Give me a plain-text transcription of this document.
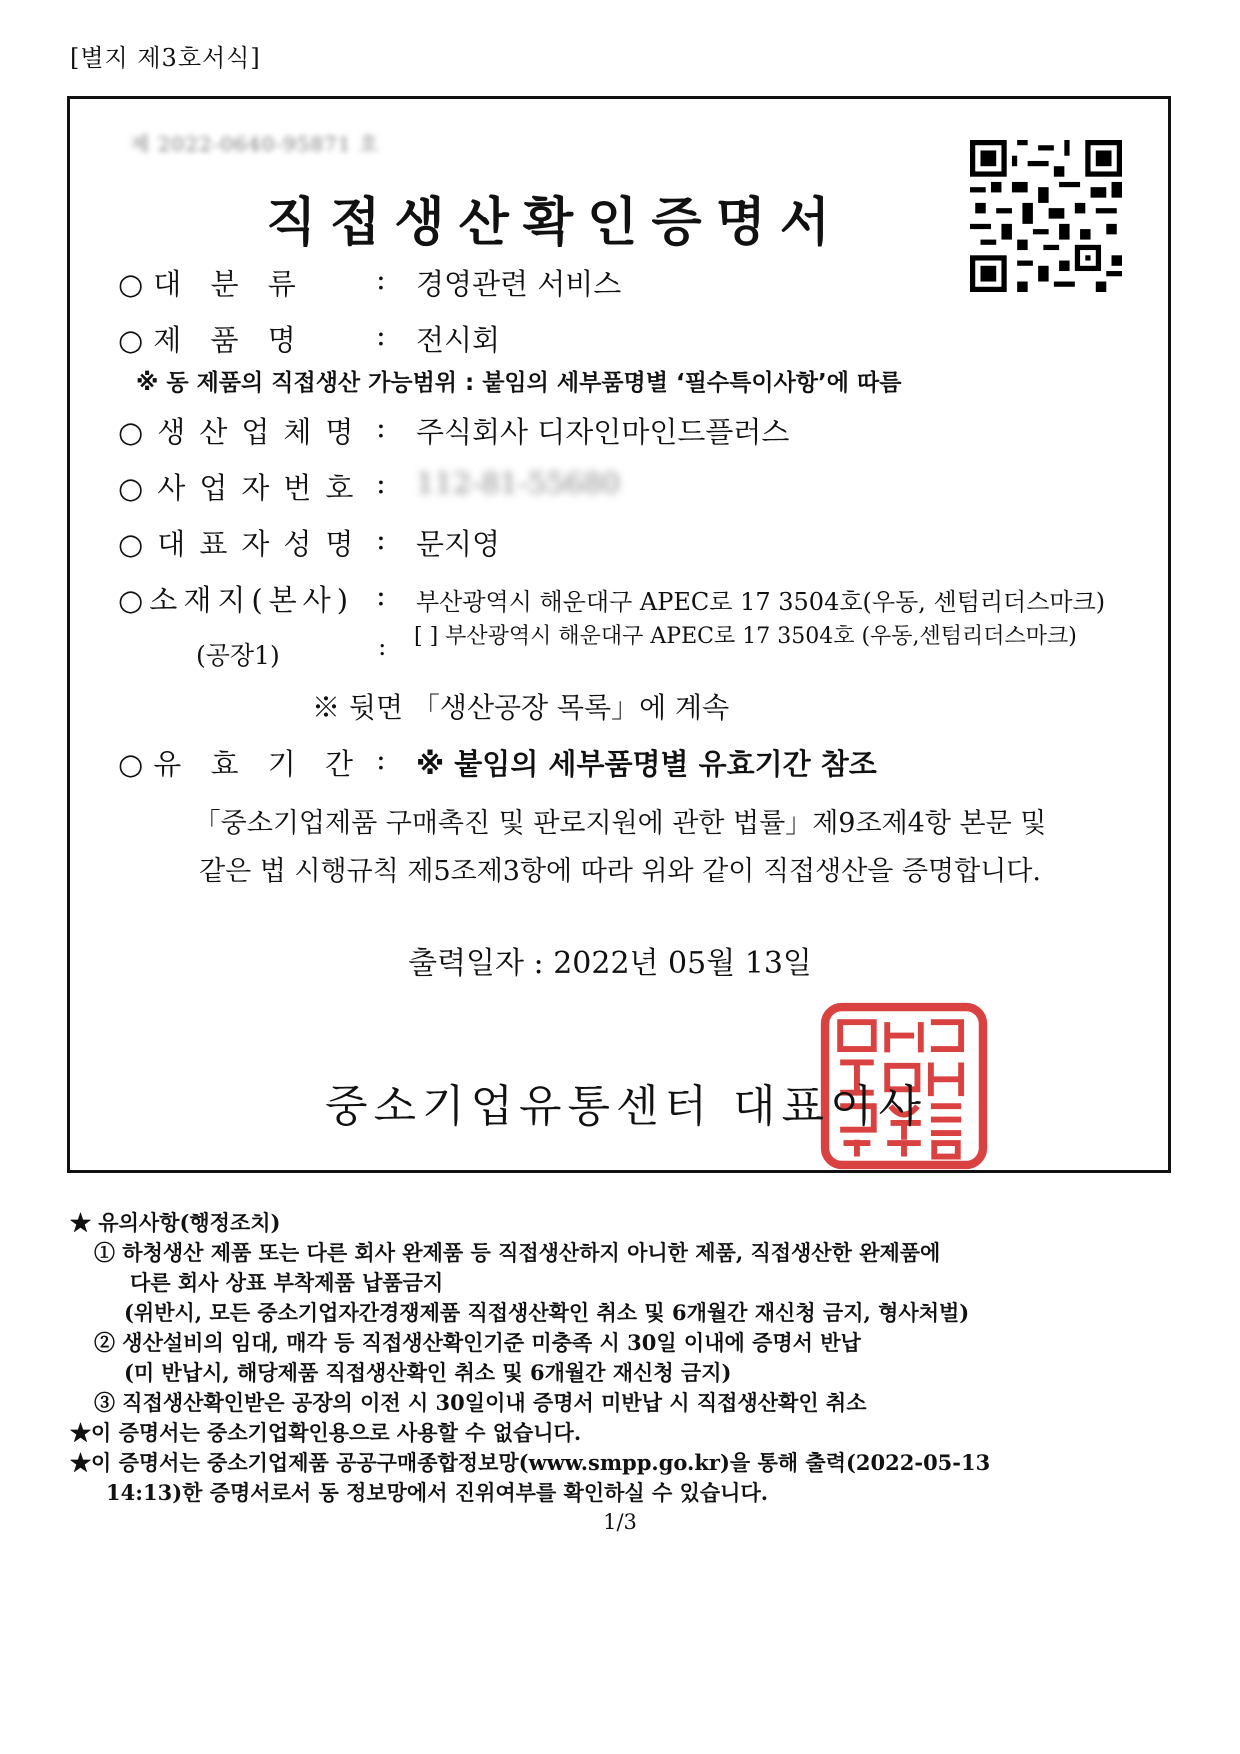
[별지 제3호서식]
제 2022-0640-95871 호
직접생산확인증명서
○대 분 류 : 경영관련 서비스
○제 품 명 : 전시회
※ 동 제품의 직접생산 가능범위 : 붙임의 세부품명별 ‘필수특이사항’에 따름
○생산업체명 : 주식회사 디자인마인드플러스
○사업자번호 : 112-81-55680
○대표자성명 : 문지영
○소재지(본사) : 부산광역시 해운대구 APEC로 17 3504호(우동, 센텀리더스마크)
(공장1)	: [ ] 부산광역시 해운대구 APEC로 17 3504호 (우동,센텀리더스마크)
※ 뒷면 「생산공장 목록」에 계속
○유 효 기 간 : ※ 붙임의 세부품명별 유효기간 참조
「중소기업제품 구매촉진 및 판로지원에 관한 법률」제9조제4항 본문 및
같은 법 시행규칙 제5조제3항에 따라 위와 같이 직접생산을 증명합니다.
출력일자 : 2022년 05월 13일
중소기업유통센터 대표이사
★ 유의사항(행정조치)
① 하청생산 제품 또는 다른 회사 완제품 등 직접생산하지 아니한 제품, 직접생산한 완제품에
다른 회사 상표 부착제품 납품금지
(위반시, 모든 중소기업자간경쟁제품 직접생산확인 취소 및 6개월간 재신청 금지, 형사처벌)
② 생산설비의 임대, 매각 등 직접생산확인기준 미충족 시 30일 이내에 증명서 반납
(미 반납시, 해당제품 직접생산확인 취소 및 6개월간 재신청 금지)
③ 직접생산확인받은 공장의 이전 시 30일이내 증명서 미반납 시 직접생산확인 취소
★이 증명서는 중소기업확인용으로 사용할 수 없습니다.
★이 증명서는 중소기업제품 공공구매종합정보망(www.smpp.go.kr)을 통해 출력(2022-05-13
14:13)한 증명서로서 동 정보망에서 진위여부를 확인하실 수 있습니다.
1/3
